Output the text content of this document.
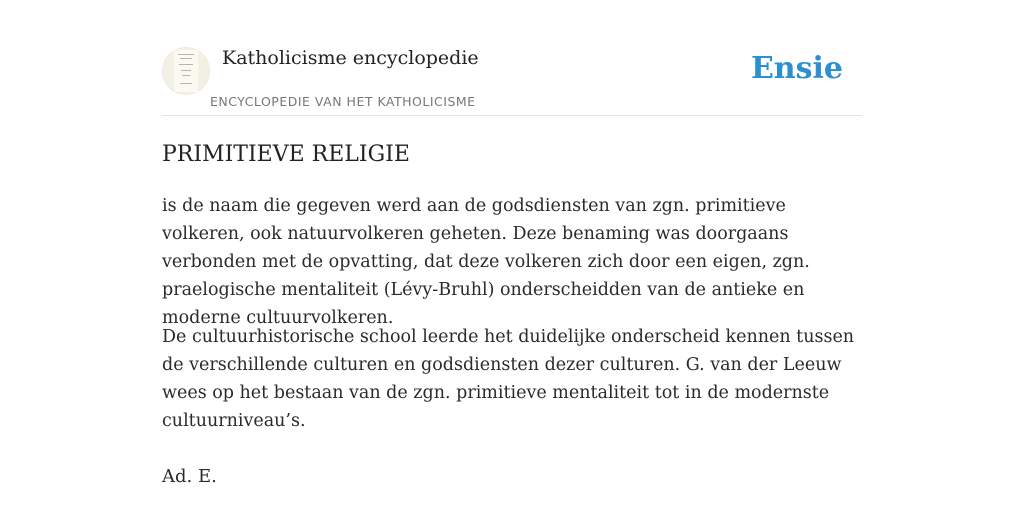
Katholicisme encyclopedie
ENCYCLOPEDIE VAN HET KATHOLICISME
Ensie
PRIMITIEVE RELIGIE

is de naam die gegeven werd aan de godsdiensten van zgn. primitieve volkeren, ook natuurvolkeren geheten. Deze benaming was doorgaans verbonden met de opvatting, dat deze volkeren zich door een eigen, zgn. praelogische mentaliteit (Lévy-Bruhl) onderscheidden van de antieke en moderne cultuurvolkeren.

De cultuurhistorische school leerde het duidelijke onderscheid kennen tussen de verschillende culturen en godsdiensten dezer culturen. G. van der Leeuw wees op het bestaan van de zgn. primitieve mentaliteit tot in de modernste cultuurniveau’s.

Ad. E.
